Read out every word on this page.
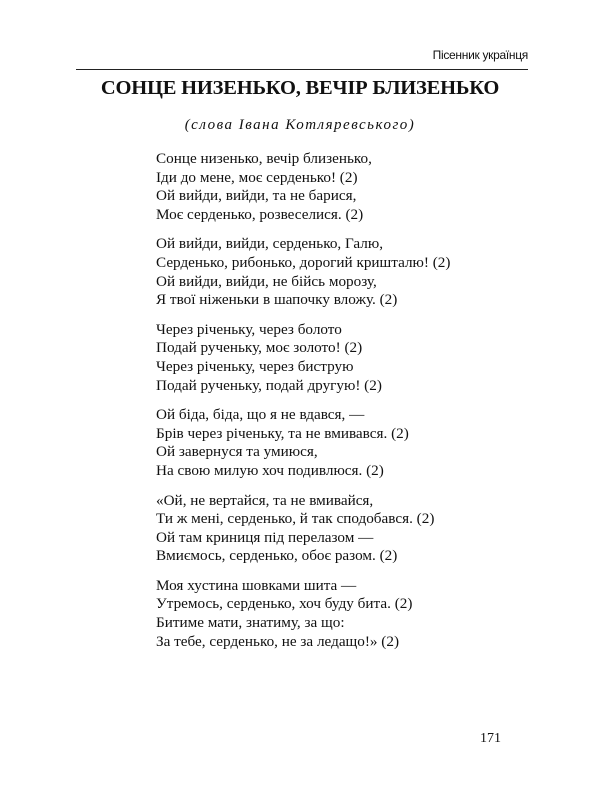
Пісенник українця
СОНЦЕ НИЗЕНЬКО, ВЕЧІР БЛИЗЕНЬКО
(слова Івана Котляревського)
Сонце низенько, вечір близенько,
Іди до мене, моє серденько! (2)
Ой вийди, вийди, та не барися,
Моє серденько, розвеселися. (2)
Ой вийди, вийди, серденько, Галю,
Серденько, рибонько, дорогий кришталю! (2)
Ой вийди, вийди, не бійсь морозу,
Я твої ніженьки в шапочку вложу. (2)
Через річеньку, через болото
Подай рученьку, моє золото! (2)
Через річеньку, через биструю
Подай рученьку, подай другую! (2)
Ой біда, біда, що я не вдався, —
Брів через річеньку, та не вмивався. (2)
Ой завернуся та умиюся,
На свою милую хоч подивлюся. (2)
«Ой, не вертайся, та не вмивайся,
Ти ж мені, серденько, й так сподобався. (2)
Ой там криниця під перелазом —
Вмиємось, серденько, обоє разом. (2)
Моя хустина шовками шита —
Утремось, серденько, хоч буду бита. (2)
Битиме мати, знатиму, за що:
За тебе, серденько, не за ледащо!» (2)
171
